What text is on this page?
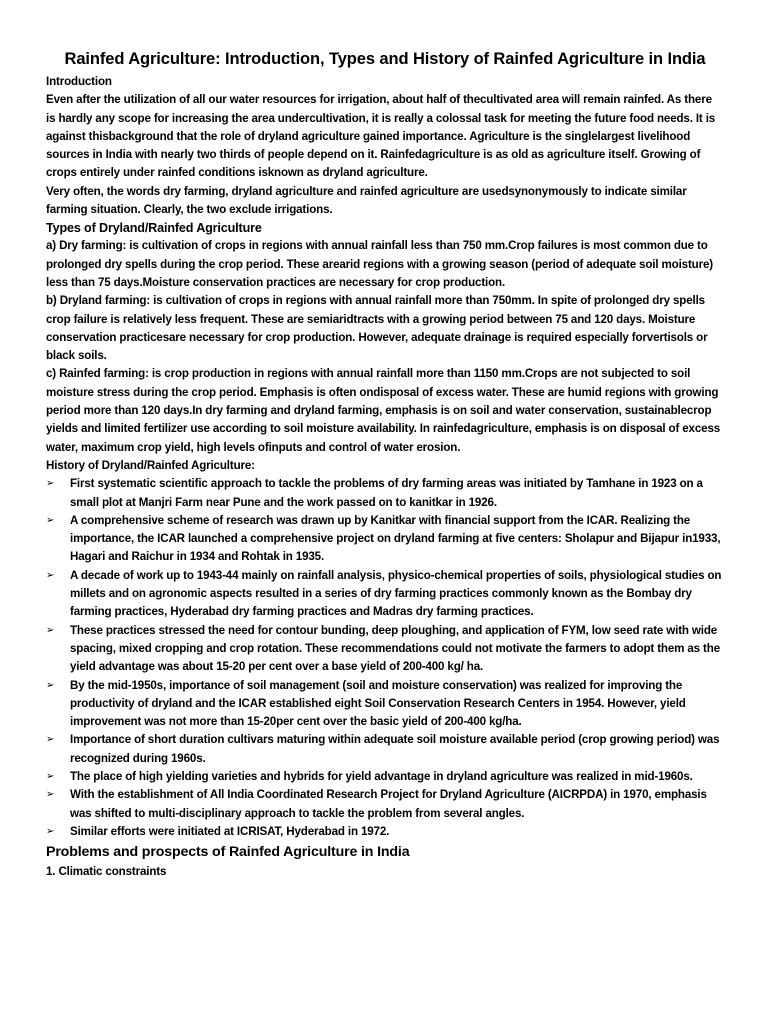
Rainfed Agriculture: Introduction, Types and History of Rainfed Agriculture in India

Introduction

Even after the utilization of all our water resources for irrigation, about half of thecultivated area will remain rainfed. As there is hardly any scope for increasing the area undercultivation, it is really a colossal task for meeting the future food needs. It is against thisbackground that the role of dryland agriculture gained importance. Agriculture is the singlelargest livelihood sources in India with nearly two thirds of people depend on it. Rainfedagriculture is as old as agriculture itself. Growing of crops entirely under rainfed conditions isknown as dryland agriculture.

Very often, the words dry farming, dryland agriculture and rainfed agriculture are usedsynonymously to indicate similar farming situation. Clearly, the two exclude irrigations.

Types of Dryland/Rainfed Agriculture

a) Dry farming: is cultivation of crops in regions with annual rainfall less than 750 mm.Crop failures is most common due to prolonged dry spells during the crop period. These arearid regions with a growing season (period of adequate soil moisture) less than 75 days.Moisture conservation practices are necessary for crop production.

b) Dryland farming: is cultivation of crops in regions with annual rainfall more than 750mm. In spite of prolonged dry spells crop failure is relatively less frequent. These are semiaridtracts with a growing period between 75 and 120 days. Moisture conservation practicesare necessary for crop production. However, adequate drainage is required especially forvertisols or black soils.

c) Rainfed farming: is crop production in regions with annual rainfall more than 1150 mm.Crops are not subjected to soil moisture stress during the crop period. Emphasis is often ondisposal of excess water. These are humid regions with growing period more than 120 days.In dry farming and dryland farming, emphasis is on soil and water conservation, sustainablecrop yields and limited fertilizer use according to soil moisture availability. In rainfedagriculture, emphasis is on disposal of excess water, maximum crop yield, high levels ofinputs and control of water erosion.

History of Dryland/Rainfed Agriculture:

➢ First systematic scientific approach to tackle the problems of dry farming areas was initiated by Tamhane in 1923 on a small plot at Manjri Farm near Pune and the work passed on to kanitkar in 1926.
➢ A comprehensive scheme of research was drawn up by Kanitkar with financial support from the ICAR. Realizing the importance, the ICAR launched a comprehensive project on dryland farming at five centers: Sholapur and Bijapur in1933, Hagari and Raichur in 1934 and Rohtak in 1935.
➢ A decade of work up to 1943-44 mainly on rainfall analysis, physico-chemical properties of soils, physiological studies on millets and on agronomic aspects resulted in a series of dry farming practices commonly known as the Bombay dry farming practices, Hyderabad dry farming practices and Madras dry farming practices.
➢ These practices stressed the need for contour bunding, deep ploughing, and application of FYM, low seed rate with wide spacing, mixed cropping and crop rotation. These recommendations could not motivate the farmers to adopt them as the yield advantage was about 15-20 per cent over a base yield of 200-400 kg/ ha.
➢ By the mid-1950s, importance of soil management (soil and moisture conservation) was realized for improving the productivity of dryland and the ICAR established eight Soil Conservation Research Centers in 1954. However, yield improvement was not more than 15-20per cent over the basic yield of 200-400 kg/ha.
➢ Importance of short duration cultivars maturing within adequate soil moisture available period (crop growing period) was recognized during 1960s.
➢ The place of high yielding varieties and hybrids for yield advantage in dryland agriculture was realized in mid-1960s.
➢ With the establishment of All India Coordinated Research Project for Dryland Agriculture (AICRPDA) in 1970, emphasis was shifted to multi-disciplinary approach to tackle the problem from several angles.
➢ Similar efforts were initiated at ICRISAT, Hyderabad in 1972.

Problems and prospects of Rainfed Agriculture in India

1. Climatic constraints
